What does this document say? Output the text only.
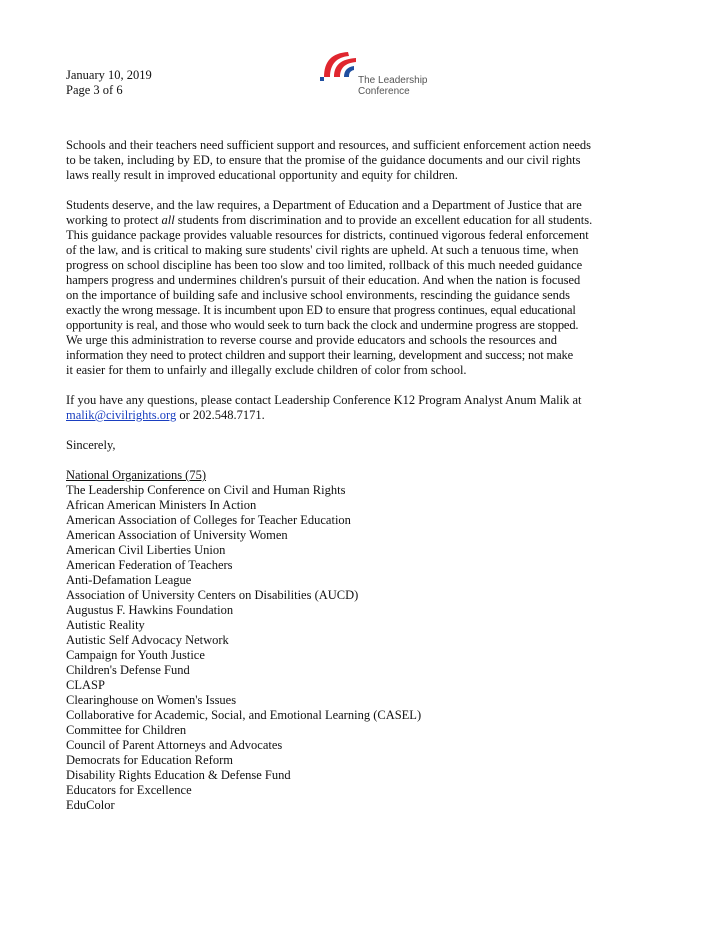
January 10, 2019
Page 3 of 6
The Leadership
Conference
Schools and their teachers need sufficient support and resources, and sufficient enforcement action needs
to be taken, including by ED, to ensure that the promise of the guidance documents and our civil rights
laws really result in improved educational opportunity and equity for children.
Students deserve, and the law requires, a Department of Education and a Department of Justice that are
working to protect all students from discrimination and to provide an excellent education for all students.
This guidance package provides valuable resources for districts, continued vigorous federal enforcement
of the law, and is critical to making sure students' civil rights are upheld. At such a tenuous time, when
progress on school discipline has been too slow and too limited, rollback of this much needed guidance
hampers progress and undermines children's pursuit of their education. And when the nation is focused
on the importance of building safe and inclusive school environments, rescinding the guidance sends
exactly the wrong message. It is incumbent upon ED to ensure that progress continues, equal educational
opportunity is real, and those who would seek to turn back the clock and undermine progress are stopped.
We urge this administration to reverse course and provide educators and schools the resources and
information they need to protect children and support their learning, development and success; not make
it easier for them to unfairly and illegally exclude children of color from school.
If you have any questions, please contact Leadership Conference K12 Program Analyst Anum Malik at
malik@civilrights.org or 202.548.7171.
Sincerely,
National Organizations (75)
The Leadership Conference on Civil and Human Rights
African American Ministers In Action
American Association of Colleges for Teacher Education
American Association of University Women
American Civil Liberties Union
American Federation of Teachers
Anti-Defamation League
Association of University Centers on Disabilities (AUCD)
Augustus F. Hawkins Foundation
Autistic Reality
Autistic Self Advocacy Network
Campaign for Youth Justice
Children's Defense Fund
CLASP
Clearinghouse on Women's Issues
Collaborative for Academic, Social, and Emotional Learning (CASEL)
Committee for Children
Council of Parent Attorneys and Advocates
Democrats for Education Reform
Disability Rights Education & Defense Fund
Educators for Excellence
EduColor
